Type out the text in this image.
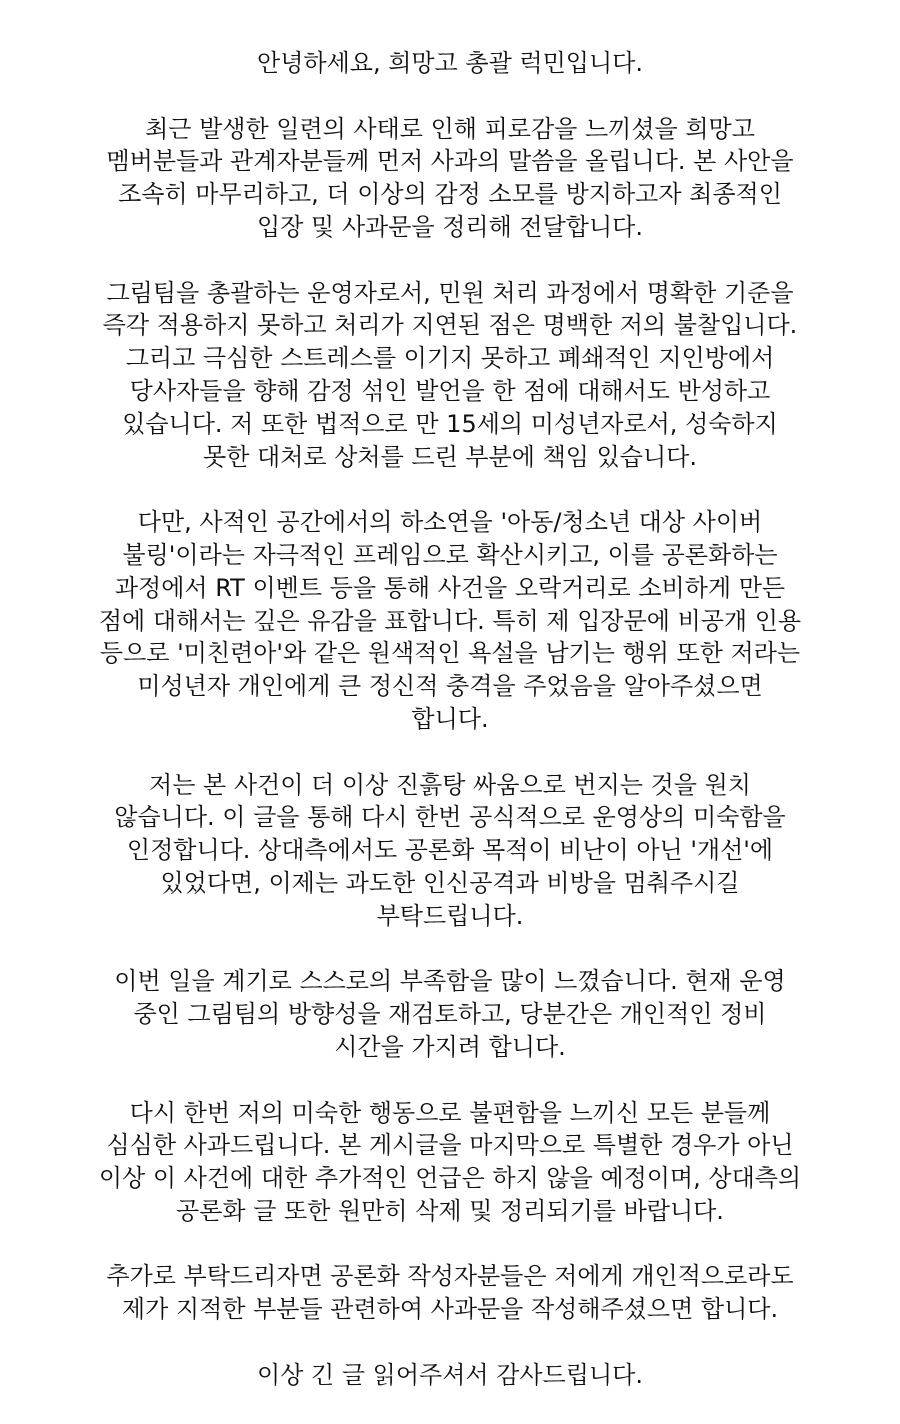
안녕하세요, 희망고 총괄 럭민입니다.
최근 발생한 일련의 사태로 인해 피로감을 느끼셨을 희망고
멤버분들과 관계자분들께 먼저 사과의 말씀을 올립니다. 본 사안을
조속히 마무리하고, 더 이상의 감정 소모를 방지하고자 최종적인
입장 및 사과문을 정리해 전달합니다.
그림팀을 총괄하는 운영자로서, 민원 처리 과정에서 명확한 기준을
즉각 적용하지 못하고 처리가 지연된 점은 명백한 저의 불찰입니다.
그리고 극심한 스트레스를 이기지 못하고 폐쇄적인 지인방에서
당사자들을 향해 감정 섞인 발언을 한 점에 대해서도 반성하고
있습니다. 저 또한 법적으로 만 15세의 미성년자로서, 성숙하지
못한 대처로 상처를 드린 부분에 책임 있습니다.
다만, 사적인 공간에서의 하소연을 '아동/청소년 대상 사이버
불링'이라는 자극적인 프레임으로 확산시키고, 이를 공론화하는
과정에서 RT 이벤트 등을 통해 사건을 오락거리로 소비하게 만든
점에 대해서는 깊은 유감을 표합니다. 특히 제 입장문에 비공개 인용
등으로 '미친련아'와 같은 원색적인 욕설을 남기는 행위 또한 저라는
미성년자 개인에게 큰 정신적 충격을 주었음을 알아주셨으면
합니다.
저는 본 사건이 더 이상 진흙탕 싸움으로 번지는 것을 원치
않습니다. 이 글을 통해 다시 한번 공식적으로 운영상의 미숙함을
인정합니다. 상대측에서도 공론화 목적이 비난이 아닌 '개선'에
있었다면, 이제는 과도한 인신공격과 비방을 멈춰주시길
부탁드립니다.
이번 일을 계기로 스스로의 부족함을 많이 느꼈습니다. 현재 운영
중인 그림팀의 방향성을 재검토하고, 당분간은 개인적인 정비
시간을 가지려 합니다.
다시 한번 저의 미숙한 행동으로 불편함을 느끼신 모든 분들께
심심한 사과드립니다. 본 게시글을 마지막으로 특별한 경우가 아닌
이상 이 사건에 대한 추가적인 언급은 하지 않을 예정이며, 상대측의
공론화 글 또한 원만히 삭제 및 정리되기를 바랍니다.
추가로 부탁드리자면 공론화 작성자분들은 저에게 개인적으로라도
제가 지적한 부분들 관련하여 사과문을 작성해주셨으면 합니다.
이상 긴 글 읽어주셔서 감사드립니다.
